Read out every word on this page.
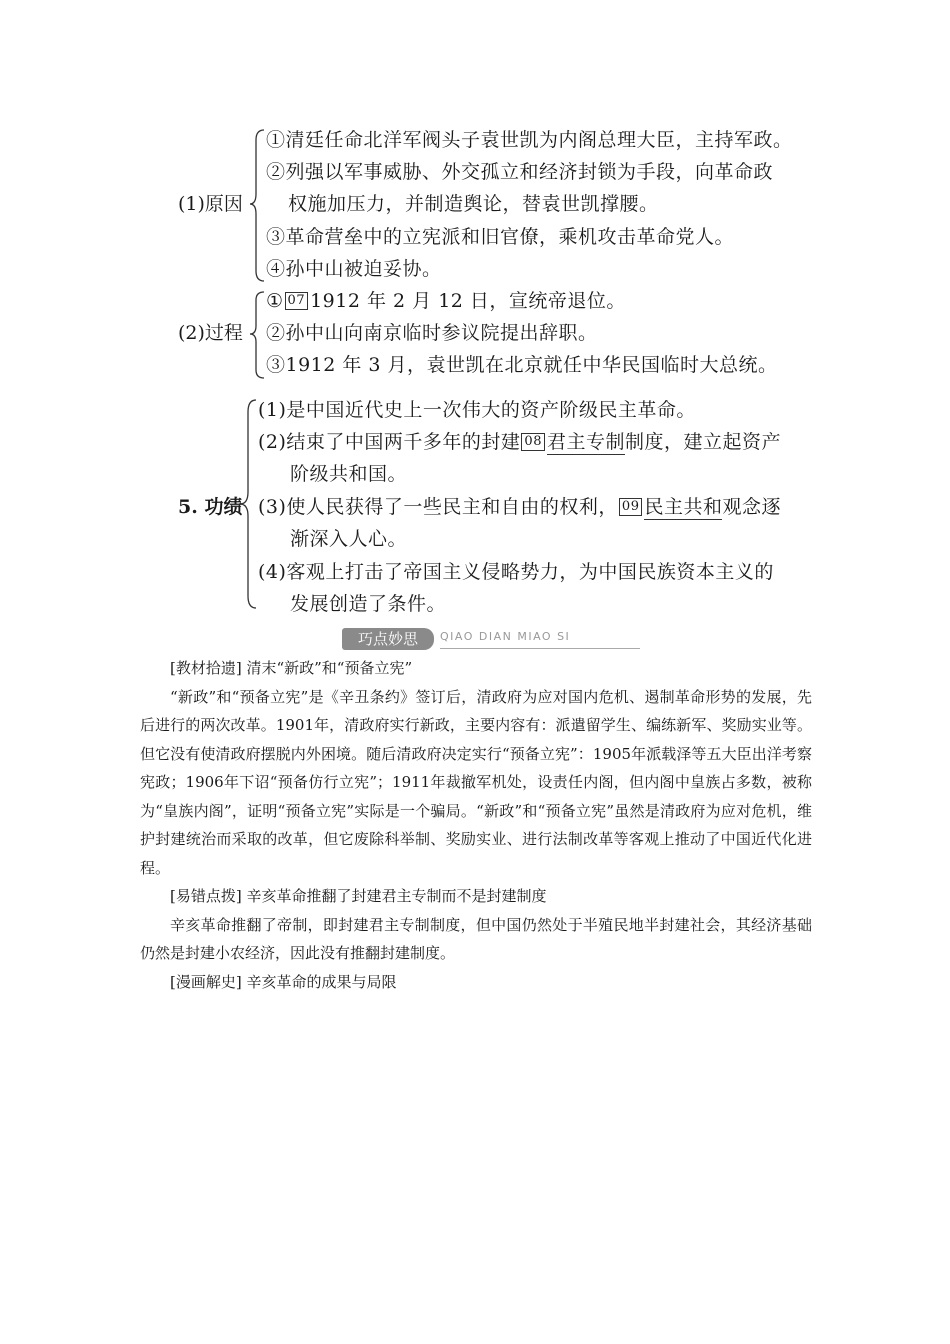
(1)原因
①清廷任命北洋军阀头子袁世凯为内阁总理大臣，主持军政。
②列强以军事威胁、外交孤立和经济封锁为手段，向革命政
权施加压力，并制造舆论，替袁世凯撑腰。
③革命营垒中的立宪派和旧官僚，乘机攻击革命党人。
④孙中山被迫妥协。
(2)过程
① 07 1912 年 2 月 12 日，宣统帝退位。
②孙中山向南京临时参议院提出辞职。
③1912 年 3 月，袁世凯在北京就任中华民国临时大总统。
5. 功绩
(1)是中国近代史上一次伟大的资产阶级民主革命。
(2)结束了中国两千多年的封建 08 君主专制制度，建立起资产
阶级共和国。
(3)使人民获得了一些民主和自由的权利， 09 民主共和观念逐
渐深入人心。
(4)客观上打击了帝国主义侵略势力，为中国民族资本主义的
发展创造了条件。
巧点妙思	QIAO DIAN MIAO SI

[教材拾遗] 清末“新政”和“预备立宪”

“新政”和“预备立宪”是《辛丑条约》签订后，清政府为应对国内危机、遏制革命形势的发展，先后进行的两次改革。1901年，清政府实行新政，主要内容有：派遣留学生、编练新军、奖励实业等。但它没有使清政府摆脱内外困境。随后清政府决定实行“预备立宪”：1905年派载泽等五大臣出洋考察宪政；1906年下诏“预备仿行立宪”；1911年裁撤军机处，设责任内阁，但内阁中皇族占多数，被称为“皇族内阁”，证明“预备立宪”实际是一个骗局。“新政”和“预备立宪”虽然是清政府为应对危机，维护封建统治而采取的改革，但它废除科举制、奖励实业、进行法制改革等客观上推动了中国近代化进程。

[易错点拨] 辛亥革命推翻了封建君主专制而不是封建制度

辛亥革命推翻了帝制，即封建君主专制制度，但中国仍然处于半殖民地半封建社会，其经济基础仍然是封建小农经济，因此没有推翻封建制度。

[漫画解史] 辛亥革命的成果与局限
